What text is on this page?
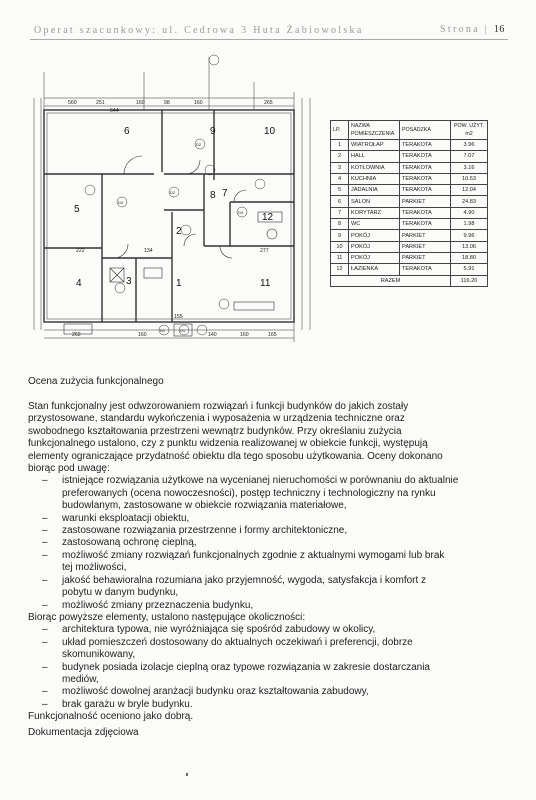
Operat szacunkowy: ul. Cedrowa 3 Huta Żabiowolska	Strona | 16
560	251
644
160	98	160	265
222	134	277
262	160	140
155
160	165
1
2
3
4
5
6
7
8
9	10
11
12
D3
D2
D2
D1	D1
D4
LP.	NAZWA POMIESZCZENIA	POSADZKA	POW. UŻYT. m2
1	WIATROŁAP	TERAKOTA	3.96
2	HALL	TERAKOTA	7.07
3	KOTŁOWNIA	TERAKOTA	3.16
4	KUCHNIA	TERAKOTA	10.53
5	JADALNIA	TERAKOTA	12.04
6	SALON	PARKIET	24.83
7	KORYTARZ	TERAKOTA	4.90
8	WC	TERAKOTA	1.98
9	POKÓJ	PARKIET	9.96
10	POKÓJ	PARKIET	13.06
11	POKÓJ	PARKIET	18.80
12	ŁAZIENKA	TERAKOTA	5.91
RAZEM			116.20
Ocena zużycia funkcjonalnego
Stan funkcjonalny jest odwzorowaniem rozwiązań i funkcji budynków do jakich zostały
przystosowane, standardu wykończenia i wyposażenia w urządzenia techniczne oraz
swobodnego kształtowania przestrzeni wewnątrz budynków. Przy określaniu zużycia
funkcjonalnego ustalono, czy z punktu widzenia realizowanej w obiekcie funkcji, występują
elementy ograniczające przydatność obiektu dla tego sposobu użytkowania. Oceny dokonano
biorąc pod uwagę:
– istniejące rozwiązania użytkowe na wycenianej nieruchomości w porównaniu do aktualnie
preferowanych (ocena nowoczesności), postęp techniczny i technologiczny na rynku
budowlanym, zastosowane w obiekcie rozwiązania materiałowe,
– warunki eksploatacji obiektu,
– zastosowane rozwiązania przestrzenne i formy architektoniczne,
– zastosowaną ochronę cieplną,
– możliwość zmiany rozwiązań funkcjonalnych zgodnie z aktualnymi wymogami lub brak
tej możliwości,
– jakość behawioralna rozumiana jako przyjemność, wygoda, satysfakcja i komfort z
pobytu w danym budynku,
– możliwość zmiany przeznaczenia budynku,
Biorąc powyższe elementy, ustalono następujące okoliczności:
– architektura typowa, nie wyróżniająca się spośród zabudowy w okolicy,
– układ pomieszczeń dostosowany do aktualnych oczekiwań i preferencji, dobrze
skomunikowany,
– budynek posiada izolacje cieplną oraz typowe rozwiązania w zakresie dostarczania
mediów,
– możliwość dowolnej aranżacji budynku oraz kształtowania zabudowy,
– brak garażu w bryle budynku.
Funkcjonalność oceniono jako dobrą.
Dokumentacja zdjęciowa
